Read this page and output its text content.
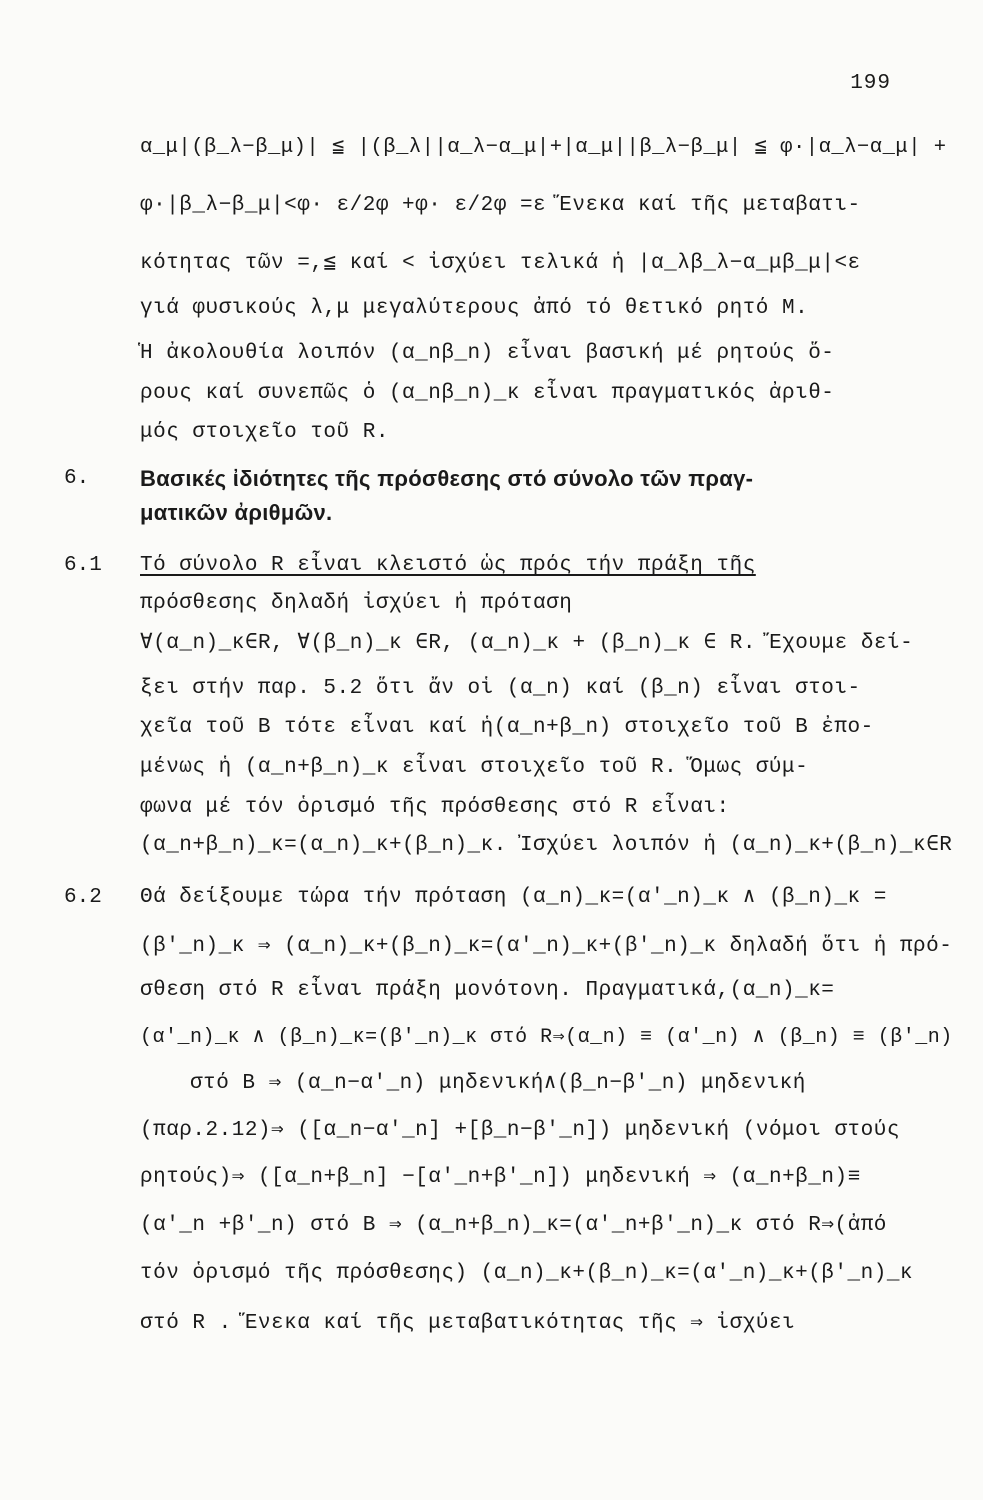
199
α_μ|(β_λ−β_μ)| ≦ |(β_λ||α_λ−α_μ|+|α_μ||β_λ−β_μ| ≦ φ·|α_λ−α_μ| +
φ·|β_λ−β_μ|<φ· ε/2φ +φ· ε/2φ =ε Ἕνεκα καί τῆς μεταβατι-
κότητας τῶν =,≦ καί < ἰσχύει τελικά ἡ |α_λβ_λ−α_μβ_μ|<ε
γιά φυσικούς λ,μ μεγαλύτερους ἀπό τό θετικό ρητό Μ.
Ἡ ἀκολουθία λοιπόν (α_nβ_n) εἶναι βασική μέ ρητούς ὅ-
ρους καί συνεπῶς ὁ (α_nβ_n)_κ εἶναι πραγματικός ἀριθ-
μός στοιχεῖο τοῦ R.
6. Βασικές ἰδιότητες τῆς πρόσθεσης στό σύνολο τῶν πραγ-
ματικῶν ἀριθμῶν.
6.1 Τό σύνολο R εἶναι κλειστό ὡς πρός τήν πράξη τῆς
πρόσθεσης δηλαδή ἰσχύει ἡ πρόταση
∀(α_n)_κ∈R, ∀(β_n)_κ ∈R, (α_n)_κ + (β_n)_κ ∈ R. Ἔχουμε δεί-
ξει στήν παρ. 5.2 ὅτι ἄν οἱ (α_n) καί (β_n) εἶναι στοι-
χεῖα τοῦ Β τότε εἶναι καί ἡ(α_n+β_n) στοιχεῖο τοῦ Β ἐπο-
μένως ἡ (α_n+β_n)_κ εἶναι στοιχεῖο τοῦ R. Ὅμως σύμ-
φωνα μέ τόν ὁρισμό τῆς πρόσθεσης στό R εἶναι:
(α_n+β_n)_κ=(α_n)_κ+(β_n)_κ. Ἰσχύει λοιπόν ἡ (α_n)_κ+(β_n)_κ∈R
6.2 Θά δείξουμε τώρα τήν πρόταση (α_n)_κ=(α'_n)_κ ∧ (β_n)_κ =
(β'_n)_κ ⇒ (α_n)_κ+(β_n)_κ=(α'_n)_κ+(β'_n)_κ δηλαδή ὅτι ἡ πρό-
σθεση στό R εἶναι πράξη μονότονη. Πραγματικά,(α_n)_κ=
(α'_n)_κ ∧ (β_n)_κ=(β'_n)_κ στό R⇒(α_n) ≡ (α'_n) ∧ (β_n) ≡ (β'_n)
στό Β ⇒ (α_n−α'_n) μηδενική∧(β_n−β'_n) μηδενική
(παρ.2.12)⇒ ([α_n−α'_n] +[β_n−β'_n]) μηδενική (νόμοι στούς
ρητούς)⇒ ([α_n+β_n] −[α'_n+β'_n]) μηδενική ⇒ (α_n+β_n)≡
(α'_n +β'_n) στό Β ⇒ (α_n+β_n)_κ=(α'_n+β'_n)_κ στό R⇒(ἀπό
τόν ὁρισμό τῆς πρόσθεσης) (α_n)_κ+(β_n)_κ=(α'_n)_κ+(β'_n)_κ
στό R . Ἕνεκα καί τῆς μεταβατικότητας τῆς ⇒ ἰσχύει
